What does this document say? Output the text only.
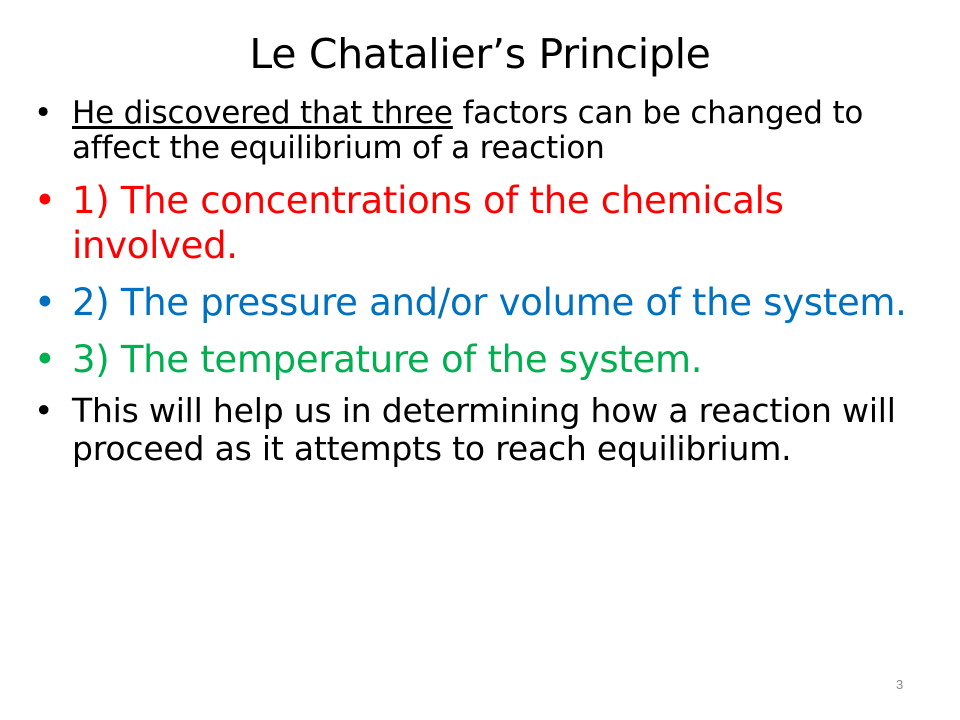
Le Chatalier’s Principle
• He discovered that three factors can be changed to affect the equilibrium of a reaction
• 1) The concentrations of the chemicals involved.
• 2) The pressure and/or volume of the system.
• 3) The temperature of the system.
• This will help us in determining how a reaction will proceed as it attempts to reach equilibrium.
3
